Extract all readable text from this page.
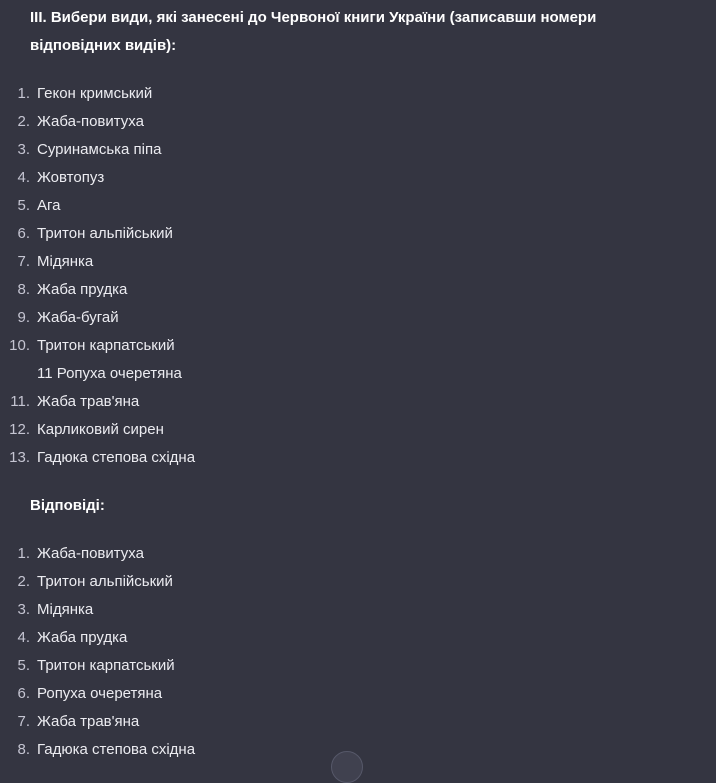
III. Вибери види, які занесені до Червоної книги України (записавши номери відповідних видів):
1. Гекон кримський
2. Жаба-повитуха
3. Суринамська піпа
4. Жовтопуз
5. Ага
6. Тритон альпійський
7. Мідянка
8. Жаба прудка
9. Жаба-бугай
10. Тритон карпатський
11 Ропуха очеретяна
11. Жаба трав'яна
12. Карликовий сирен
13. Гадюка степова східна
Відповіді:
1. Жаба-повитуха
2. Тритон альпійський
3. Мідянка
4. Жаба прудка
5. Тритон карпатський
6. Ропуха очеретяна
7. Жаба трав'яна
8. Гадюка степова східна
